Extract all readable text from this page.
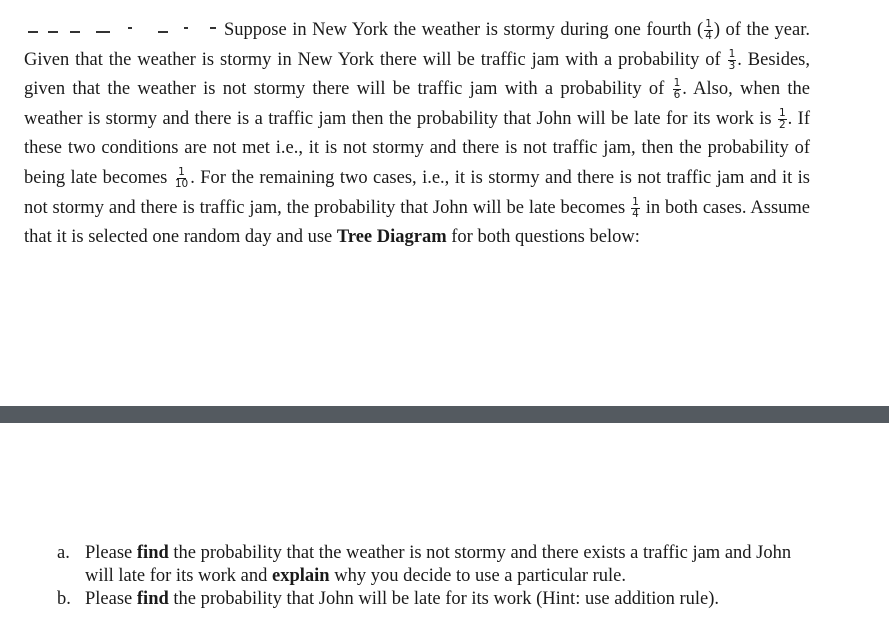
Suppose in New York the weather is stormy during one fourth ( $\frac{1}{4}$ ) of the year. Given that the weather is stormy in New York there will be traffic jam with a probability of $\frac{1}{3}$ . Besides, given that the weather is not stormy there will be traffic jam with a probability of $\frac{1}{6}$ . Also, when the weather is stormy and there is a traffic jam then the probability that John will be late for its work is $\frac{1}{2}$ . If these two conditions are not met i.e., it is not stormy and there is not traffic jam, then the probability of being late becomes $\frac{1}{10}$ . For the remaining two cases, i.e., it is stormy and there is not traffic jam and it is not stormy and there is traffic jam, the probability that John will be late becomes $\frac{1}{4}$ in both cases. Assume that it is selected one random day and use Tree Diagram for both questions below:
a. Please find the probability that the weather is not stormy and there exists a traffic jam and John will late for its work and explain why you decide to use a particular rule.
b. Please find the probability that John will be late for its work (Hint: use addition rule).
